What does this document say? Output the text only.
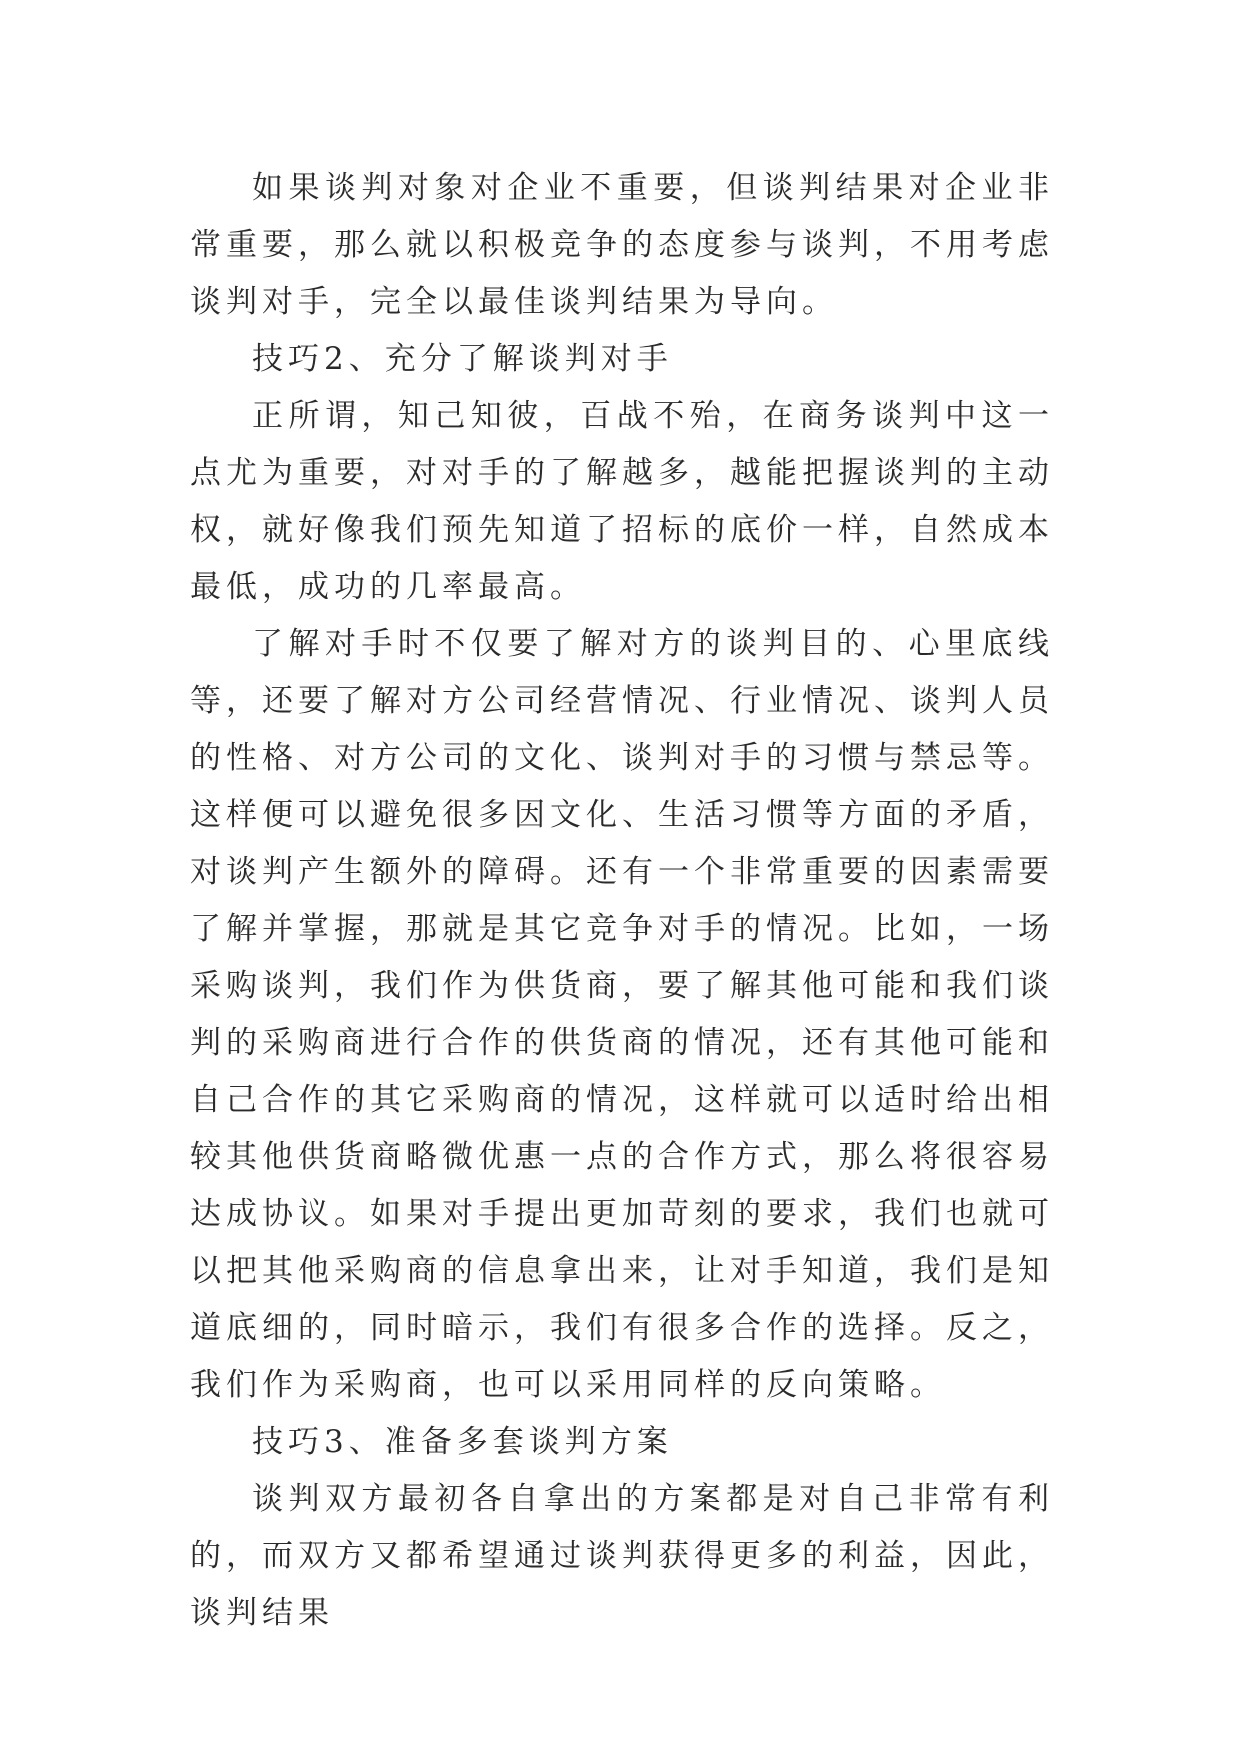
如果谈判对象对企业不重要，但谈判结果对企业非常重要，那么就以积极竞争的态度参与谈判，不用考虑谈判对手，完全以最佳谈判结果为导向。

技巧2、充分了解谈判对手

正所谓，知己知彼，百战不殆，在商务谈判中这一点尤为重要，对对手的了解越多，越能把握谈判的主动权，就好像我们预先知道了招标的底价一样，自然成本最低，成功的几率最高。

了解对手时不仅要了解对方的谈判目的、心里底线等，还要了解对方公司经营情况、行业情况、谈判人员的性格、对方公司的文化、谈判对手的习惯与禁忌等。这样便可以避免很多因文化、生活习惯等方面的矛盾，对谈判产生额外的障碍。还有一个非常重要的因素需要了解并掌握，那就是其它竞争对手的情况。比如，一场采购谈判，我们作为供货商，要了解其他可能和我们谈判的采购商进行合作的供货商的情况，还有其他可能和自己合作的其它采购商的情况，这样就可以适时给出相较其他供货商略微优惠一点的合作方式，那么将很容易达成协议。如果对手提出更加苛刻的要求，我们也就可以把其他采购商的信息拿出来，让对手知道，我们是知道底细的，同时暗示，我们有很多合作的选择。反之，我们作为采购商，也可以采用同样的反向策略。

技巧3、准备多套谈判方案

谈判双方最初各自拿出的方案都是对自己非常有利的，而双方又都希望通过谈判获得更多的利益，因此，谈判结果
